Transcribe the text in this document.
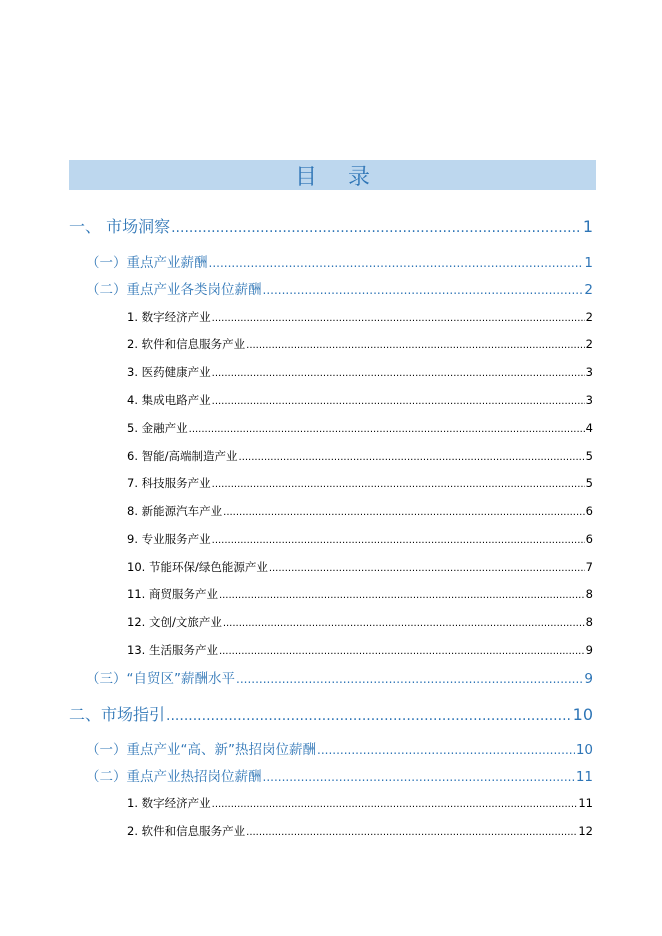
目 录
一、 市场洞察 .....	1
（一）重点产业薪酬 .....	1
（二）重点产业各类岗位薪酬 .....	2
1. 数字经济产业 .....	2
2. 软件和信息服务产业 .....	2
3. 医药健康产业 .....	3
4. 集成电路产业 .....	3
5. 金融产业 .....	4
6. 智能/高端制造产业 .....	5
7. 科技服务产业 .....	5
8. 新能源汽车产业 .....	6
9. 专业服务产业 .....	6
10. 节能环保/绿色能源产业 .....	7
11. 商贸服务产业 .....	8
12. 文创/文旅产业 .....	8
13. 生活服务产业 .....	9
（三）“自贸区”薪酬水平 .....	9
二、市场指引 .....	10
（一）重点产业“高、新”热招岗位薪酬 .....	10
（二）重点产业热招岗位薪酬 .....	11
1. 数字经济产业 .....	11
2. 软件和信息服务产业 .....	12
